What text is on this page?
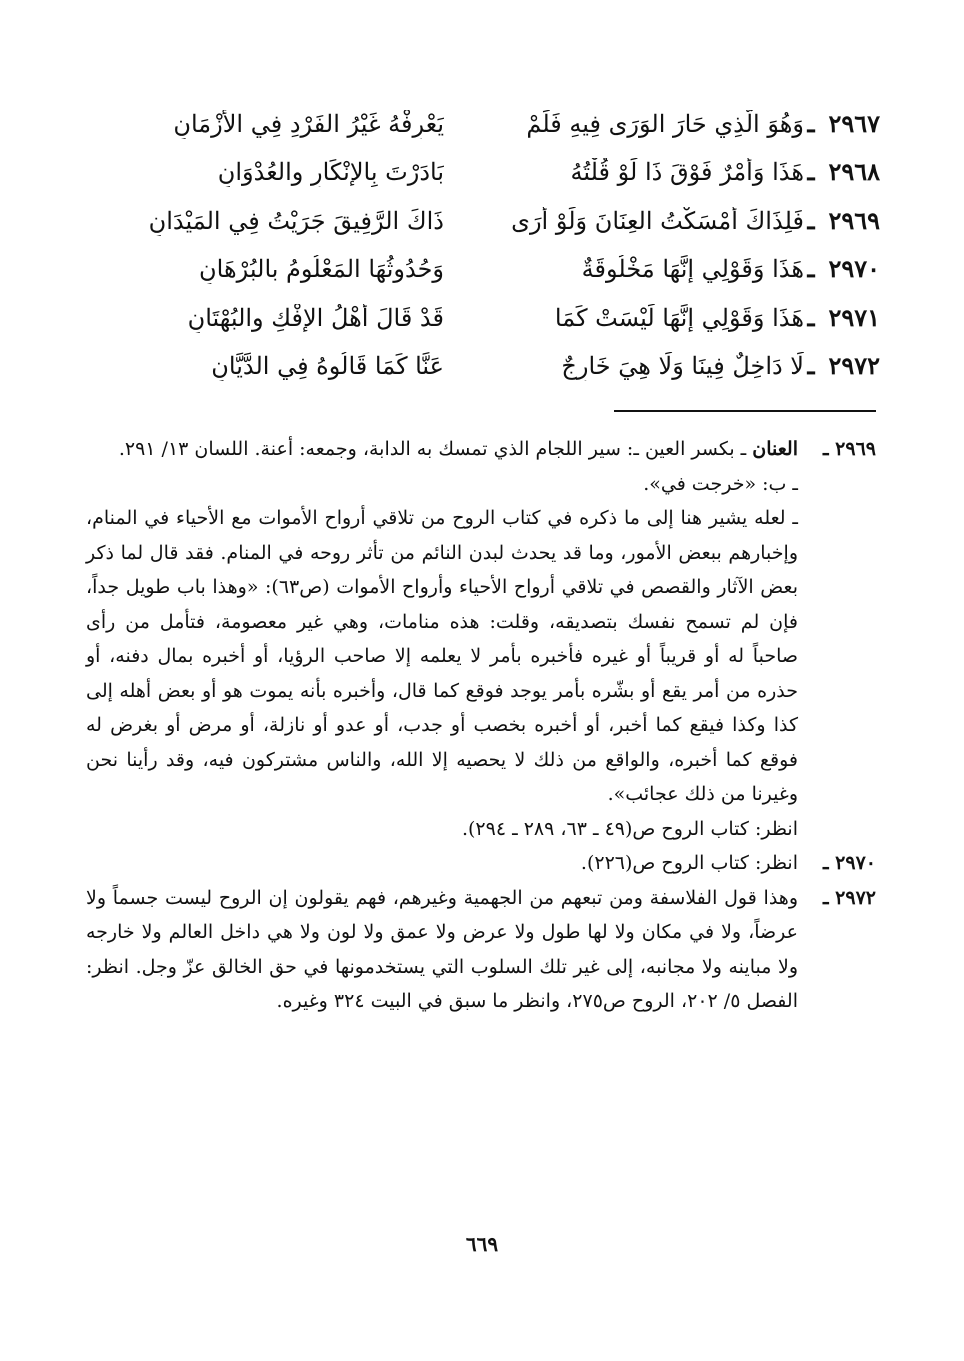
٢٩٦٧
ـ
وَهُوَ الَّذِي حَارَ الوَرَى فِيهِ فَلَمْ
يَعْرِفْهُ غَيْرُ الفَرْدِ فِي الأَزْمَانِ
٢٩٦٨
ـ
هَذَا وَأَمْرٌ فَوْقَ ذَا لَوْ قُلْتُهُ
بَادَرْتَ بِالإِنْكَارِ والعُدْوَانِ
٢٩٦٩
ـ
فَلِذَاكَ أَمْسَكْتُ العِنَانَ وَلَوْ أَرَى
ذَاكَ الرَّفِيقَ جَرَيْتُ فِي المَيْدَانِ
٢٩٧٠
ـ
هَذَا وَقَوْلِي إِنَّهَا مَخْلُوقَةٌ
وَحُدُوثُهَا المَعْلُومُ بالبُرْهَانِ
٢٩٧١
ـ
هَذَا وَقَوْلِي إِنَّهَا لَيْسَتْ كَمَا
قَدْ قَالَ أَهْلُ الإِفْكِ والبُهْتَانِ
٢٩٧٢
ـ
لَا دَاخِلٌ فِينَا وَلَا هِيَ خَارِجٌ
عَنَّا كَمَا قَالُوهُ فِي الدَّيَّانِ
٢٩٦٩ ـ

العنان ـ بكسر العين ـ: سير اللجام الذي تمسك به الدابة، وجمعه: أعنة. اللسان ١٣/ ٢٩١.

ـ ب: «خرجت في».

ـ لعله يشير هنا إلى ما ذكره في كتاب الروح من تلاقي أرواح الأموات مع الأحياء في المنام، وإخبارهم ببعض الأمور، وما قد يحدث لبدن النائم من تأثر روحه في المنام. فقد قال لما ذكر بعض الآثار والقصص في تلاقي أرواح الأحياء وأرواح الأموات (ص٦٣): «وهذا باب طويل جداً، فإن لم تسمح نفسك بتصديقه، وقلت: هذه منامات، وهي غير معصومة، فتأمل من رأى صاحباً له أو قريباً أو غيره فأخبره بأمر لا يعلمه إلا صاحب الرؤيا، أو أخبره بمال دفنه، أو حذره من أمر يقع أو بشّره بأمر يوجد فوقع كما قال، وأخبره بأنه يموت هو أو بعض أهله إلى كذا وكذا فيقع كما أخبر، أو أخبره بخصب أو جدب، أو عدو أو نازلة، أو مرض أو بغرض له فوقع كما أخبره، والواقع من ذلك لا يحصيه إلا الله، والناس مشتركون فيه، وقد رأينا نحن وغيرنا من ذلك عجائب».

انظر: كتاب الروح ص(٤٩ ـ ٦٣، ٢٨٩ ـ ٢٩٤).

٢٩٧٠ ـ

انظر: كتاب الروح ص(٢٢٦).

٢٩٧٢ ـ

وهذا قول الفلاسفة ومن تبعهم من الجهمية وغيرهم، فهم يقولون إن الروح ليست جسماً ولا عرضاً، ولا في مكان ولا لها طول ولا عرض ولا عمق ولا لون ولا هي داخل العالم ولا خارجه ولا مباينه ولا مجانبه، إلى غير تلك السلوب التي يستخدمونها في حق الخالق عزّ وجل. انظر: الفصل ٥/ ٢٠٢، الروح ص٢٧٥، وانظر ما سبق في البيت ٣٢٤ وغيره.

٦٦٩
